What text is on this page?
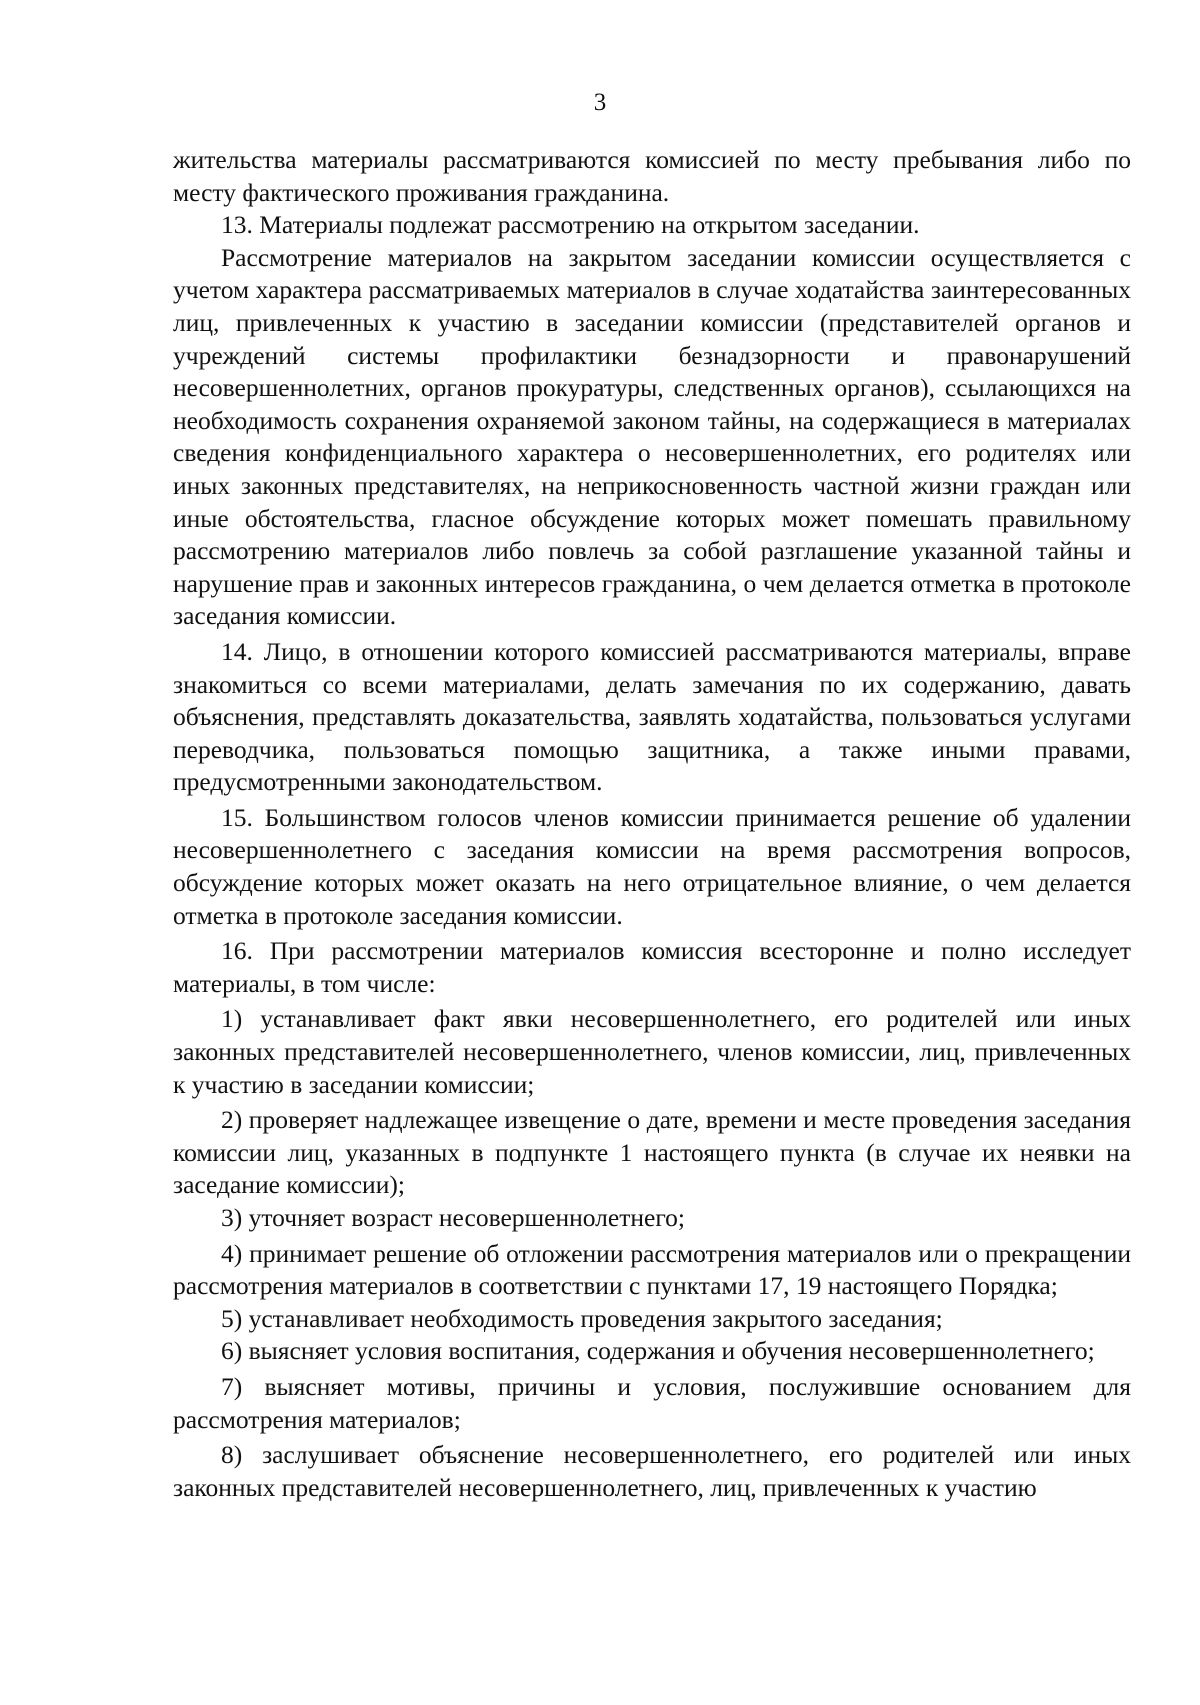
3

жительства материалы рассматриваются комиссией по месту пребывания либо по месту фактического проживания гражданина.

13. Материалы подлежат рассмотрению на открытом заседании.

Рассмотрение материалов на закрытом заседании комиссии осуществляется с учетом характера рассматриваемых материалов в случае ходатайства заинтересованных лиц, привлеченных к участию в заседании комиссии (представителей органов и учреждений системы профилактики безнадзорности и правонарушений несовершеннолетних, органов прокуратуры, следственных органов), ссылающихся на необходимость сохранения охраняемой законом тайны, на содержащиеся в материалах сведения конфиденциального характера о несовершеннолетних, его родителях или иных законных представителях, на неприкосновенность частной жизни граждан или иные обстоятельства, гласное обсуждение которых может помешать правильному рассмотрению материалов либо повлечь за собой разглашение указанной тайны и нарушение прав и законных интересов гражданина, о чем делается отметка в протоколе заседания комиссии.

14. Лицо, в отношении которого комиссией рассматриваются материалы, вправе знакомиться со всеми материалами, делать замечания по их содержанию, давать объяснения, представлять доказательства, заявлять ходатайства, пользоваться услугами переводчика, пользоваться помощью защитника, а также иными правами, предусмотренными законодательством.

15. Большинством голосов членов комиссии принимается решение об удалении несовершеннолетнего с заседания комиссии на время рассмотрения вопросов, обсуждение которых может оказать на него отрицательное влияние, о чем делается отметка в протоколе заседания комиссии.

16. При рассмотрении материалов комиссия всесторонне и полно исследует материалы, в том числе:

1) устанавливает факт явки несовершеннолетнего, его родителей или иных законных представителей несовершеннолетнего, членов комиссии, лиц, привлеченных к участию в заседании комиссии;

2) проверяет надлежащее извещение о дате, времени и месте проведения заседания комиссии лиц, указанных в подпункте 1 настоящего пункта (в случае их неявки на заседание комиссии);

3) уточняет возраст несовершеннолетнего;

4) принимает решение об отложении рассмотрения материалов или о прекращении рассмотрения материалов в соответствии с пунктами 17, 19 настоящего Порядка;

5) устанавливает необходимость проведения закрытого заседания;

6) выясняет условия воспитания, содержания и обучения несовершеннолетнего;

7) выясняет мотивы, причины и условия, послужившие основанием для рассмотрения материалов;

8) заслушивает объяснение несовершеннолетнего, его родителей или иных законных представителей несовершеннолетнего, лиц, привлеченных к участию
